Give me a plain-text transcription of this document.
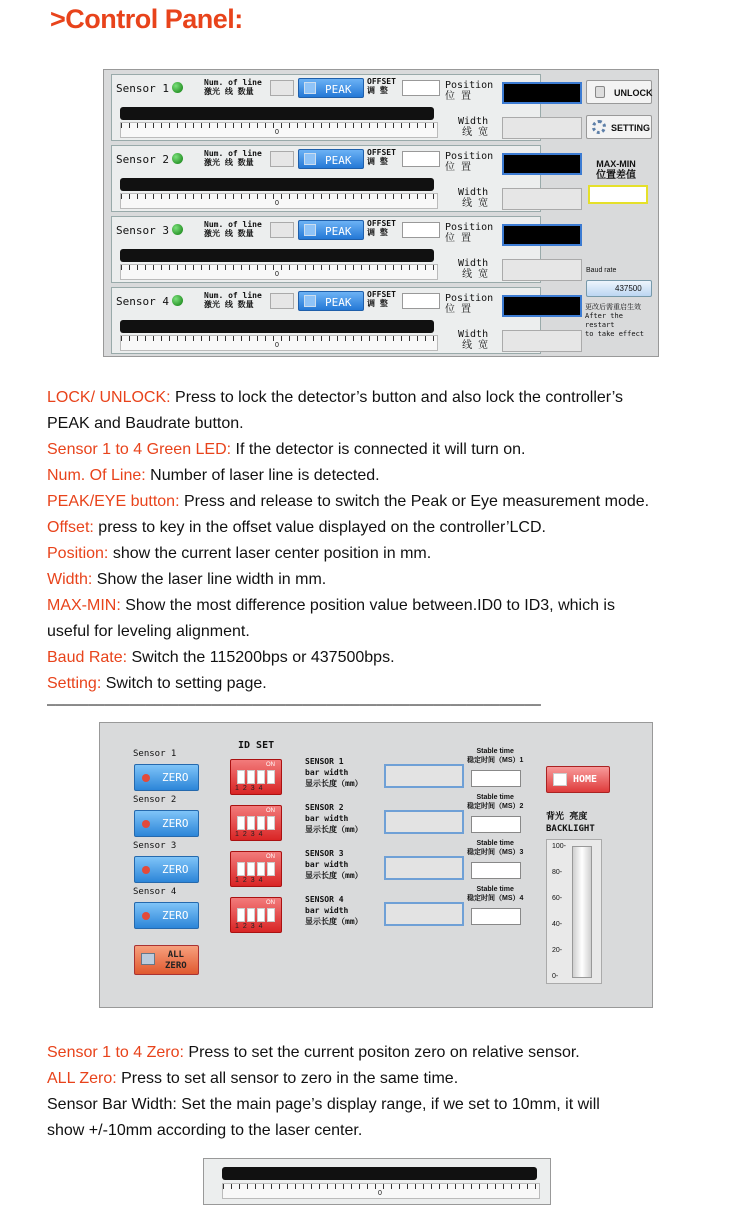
>Control Panel:
Sensor 1	Num. of line
激光 线 数量	PEAK
OFFSET
调 整
0
Position
位 置
Width
线 宽
Sensor 2	Num. of line
激光 线 数量	PEAK
OFFSET
调 整
0
Position
位 置
Width
线 宽
Sensor 3	Num. of line
激光 线 数量	PEAK
OFFSET
调 整
0
Position
位 置
Width
线 宽
Sensor 4	Num. of line
激光 线 数量	PEAK
OFFSET
调 整
0
Position
位 置
Width
线 宽
UNLOCK
SETTING
MAX-MIN
位置差值
Baud rate
437500
更改后需重启生效
After the
restart
to take effect
LOCK/ UNLOCK: Press to lock the detector’s button and also lock the controller’s
PEAK and Baudrate button.
Sensor 1 to 4 Green LED: If the detector is connected it will turn on.
Num. Of Line: Number of laser line is detected.
PEAK/EYE button: Press and release to switch the Peak or Eye measurement mode.
Offset: press to key in the offset value displayed on the controller’LCD.
Position: show the current laser center position in mm.
Width: Show the laser line width in mm.
MAX-MIN: Show the most difference position value between.ID0 to ID3, which is
useful for leveling alignment.
Baud Rate: Switch the 115200bps or 437500bps.
Setting: Switch to setting page.
————————————————————————————————————————————————————————————
Sensor 1
ZERO
ON
1234
SENSOR 1
bar width
显示长度（mm）
Stable time
稳定时间（MS）1
Sensor 2
ZERO
ON
1234
SENSOR 2
bar width
显示长度（mm）
Stable time
稳定时间（MS）2
Sensor 3
ZERO
ON
1234
SENSOR 3
bar width
显示长度（mm）
Stable time
稳定时间（MS）3
Sensor 4
ZERO
ON
1234
SENSOR 4
bar width
显示长度（mm）
Stable time
稳定时间（MS）4
ALL
ZERO
ID SET
HOME
背光 亮度
BACKLIGHT
100-
80-
60-
40-
20-
0-
Sensor 1 to 4 Zero: Press to set the current positon zero on relative sensor.
ALL Zero: Press to set all sensor to zero in the same time.
Sensor Bar Width: Set the main page’s display range, if we set to 10mm, it will
show +/-10mm according to the laser center.
0
